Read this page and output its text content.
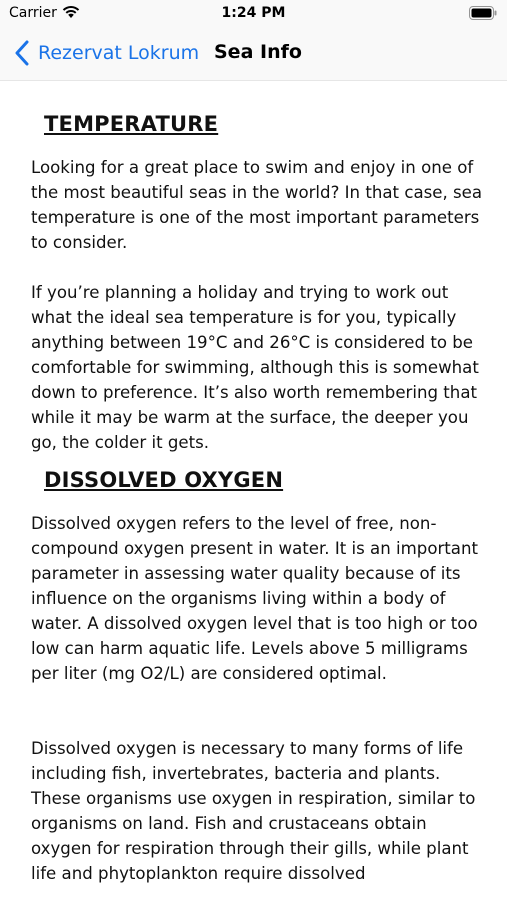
Carrier	1:24 PM
Rezervat Lokrum Sea Info
TEMPERATURE

Looking for a great place to swim and enjoy in one of the most beautiful seas in the world? In that case, sea temperature is one of the most important parameters to consider.

If you’re planning a holiday and trying to work out what the ideal sea temperature is for you, typically anything between 19°C and 26°C is considered to be comfortable for swimming, although this is somewhat down to preference. It’s also worth remembering that while it may be warm at the surface, the deeper you go, the colder it gets.

DISSOLVED OXYGEN

Dissolved oxygen refers to the level of free, non-compound oxygen present in water. It is an important parameter in assessing water quality because of its influence on the organisms living within a body of water. A dissolved oxygen level that is too high or too low can harm aquatic life. Levels above 5 milligrams per liter (mg O2/L) are considered optimal.

Dissolved oxygen is necessary to many forms of life including fish, invertebrates, bacteria and plants. These organisms use oxygen in respiration, similar to organisms on land. Fish and crustaceans obtain oxygen for respiration through their gills, while plant life and phytoplankton require dissolved
